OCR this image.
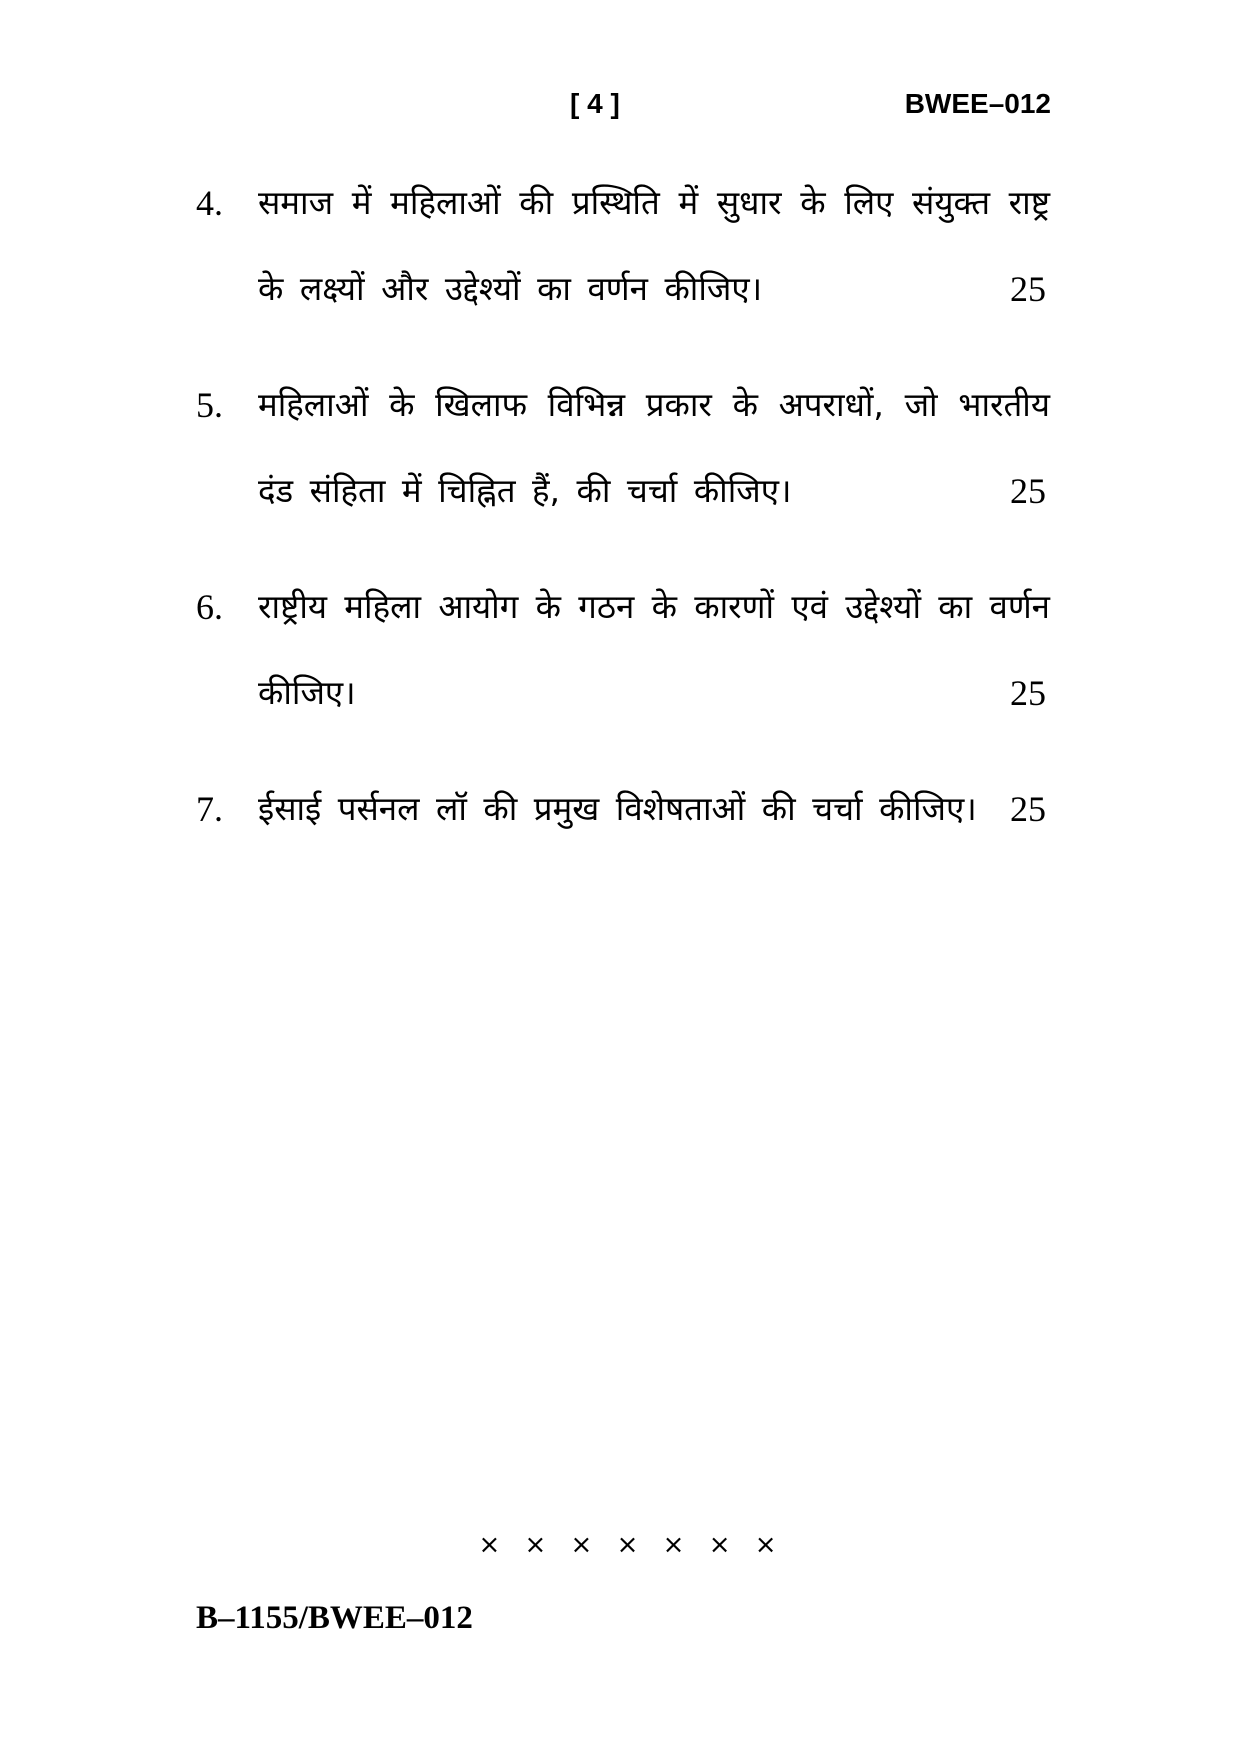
[ 4 ]	BWEE–012
4.	समाज में महिलाओं की प्रस्थिति में सुधार के लिए संयुक्त राष्ट्र के लक्ष्यों और उद्देश्यों का वर्णन कीजिए।	25
5.	महिलाओं के खिलाफ विभिन्न प्रकार के अपराधों, जो भारतीय दंड संहिता में चिह्नित हैं, की चर्चा कीजिए।	25
6.	राष्ट्रीय महिला आयोग के गठन के कारणों एवं उद्देश्यों का वर्णन कीजिए।	25
7.	ईसाई पर्सनल लॉ की प्रमुख विशेषताओं की चर्चा कीजिए। 25
× × × × × × ×
B–1155/BWEE–012
